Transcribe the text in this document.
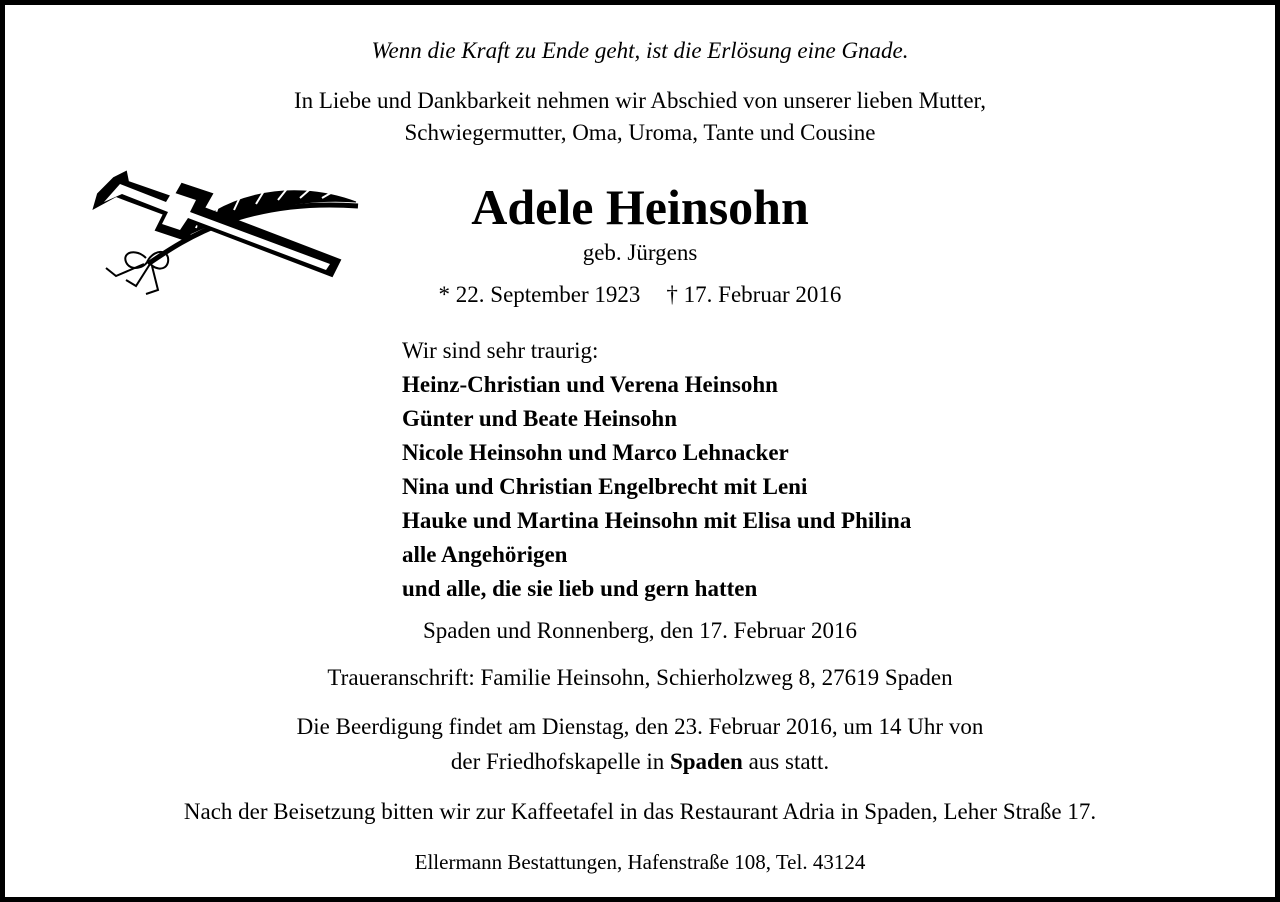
Wenn die Kraft zu Ende geht, ist die Erlösung eine Gnade.
In Liebe und Dankbarkeit nehmen wir Abschied von unserer lieben Mutter,
Schwiegermutter, Oma, Uroma, Tante und Cousine
Adele Heinsohn
geb. Jürgens
* 22. September 1923 † 17. Februar 2016
Wir sind sehr traurig:
Heinz-Christian und Verena Heinsohn
Günter und Beate Heinsohn
Nicole Heinsohn und Marco Lehnacker
Nina und Christian Engelbrecht mit Leni
Hauke und Martina Heinsohn mit Elisa und Philina
alle Angehörigen
und alle, die sie lieb und gern hatten
Spaden und Ronnenberg, den 17. Februar 2016
Traueranschrift: Familie Heinsohn, Schierholzweg 8, 27619 Spaden
Die Beerdigung findet am Dienstag, den 23. Februar 2016, um 14 Uhr von
der Friedhofskapelle in Spaden aus statt.
Nach der Beisetzung bitten wir zur Kaffeetafel in das Restaurant Adria in Spaden, Leher Straße 17.
Ellermann Bestattungen, Hafenstraße 108, Tel. 43124
